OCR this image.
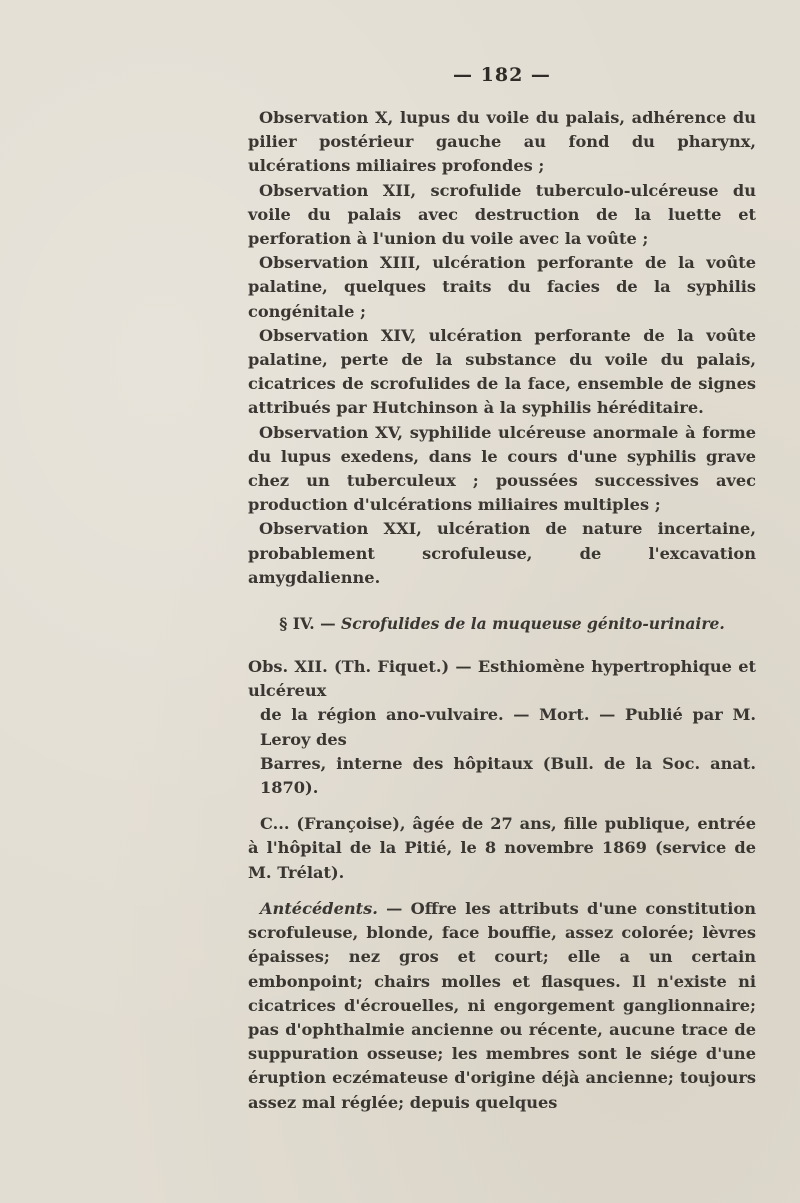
— 182 —

Observation X, lupus du voile du palais, adhérence du pilier postérieur gauche au fond du pharynx, ulcérations miliaires profondes ;

Observation XII, scrofulide tuberculo-ulcéreuse du voile du palais avec destruction de la luette et perforation à l'union du voile avec la voûte ;

Observation XIII, ulcération perforante de la voûte palatine, quelques traits du facies de la syphilis congénitale ;

Observation XIV, ulcération perforante de la voûte palatine, perte de la substance du voile du palais, cicatrices de scrofulides de la face, ensemble de signes attribués par Hutchinson à la syphilis héréditaire.

Observation XV, syphilide ulcéreuse anormale à forme du lupus exedens, dans le cours d'une syphilis grave chez un tuberculeux ; poussées successives avec production d'ulcérations miliaires multiples ;

Observation XXI, ulcération de nature incertaine, probablement scrofuleuse, de l'excavation amygdalienne.

§ IV. — Scrofulides de la muqueuse génito-urinaire.
Obs. XII. (Th. Fiquet.) — Esthiomène hypertrophique et ulcéreux
de la région ano-vulvaire. — Mort. — Publié par M. Leroy des
Barres, interne des hôpitaux (Bull. de la Soc. anat. 1870).

C... (Françoise), âgée de 27 ans, fille publique, entrée à l'hôpital de la Pitié, le 8 novembre 1869 (service de M. Trélat).

Antécédents. — Offre les attributs d'une constitution scrofuleuse, blonde, face bouffie, assez colorée; lèvres épaisses; nez gros et court; elle a un certain embonpoint; chairs molles et flasques. Il n'existe ni cicatrices d'écrouelles, ni engorgement ganglionnaire; pas d'ophthalmie ancienne ou récente, aucune trace de suppuration osseuse; les membres sont le siége d'une éruption eczémateuse d'origine déjà ancienne; toujours assez mal réglée; depuis quelques
